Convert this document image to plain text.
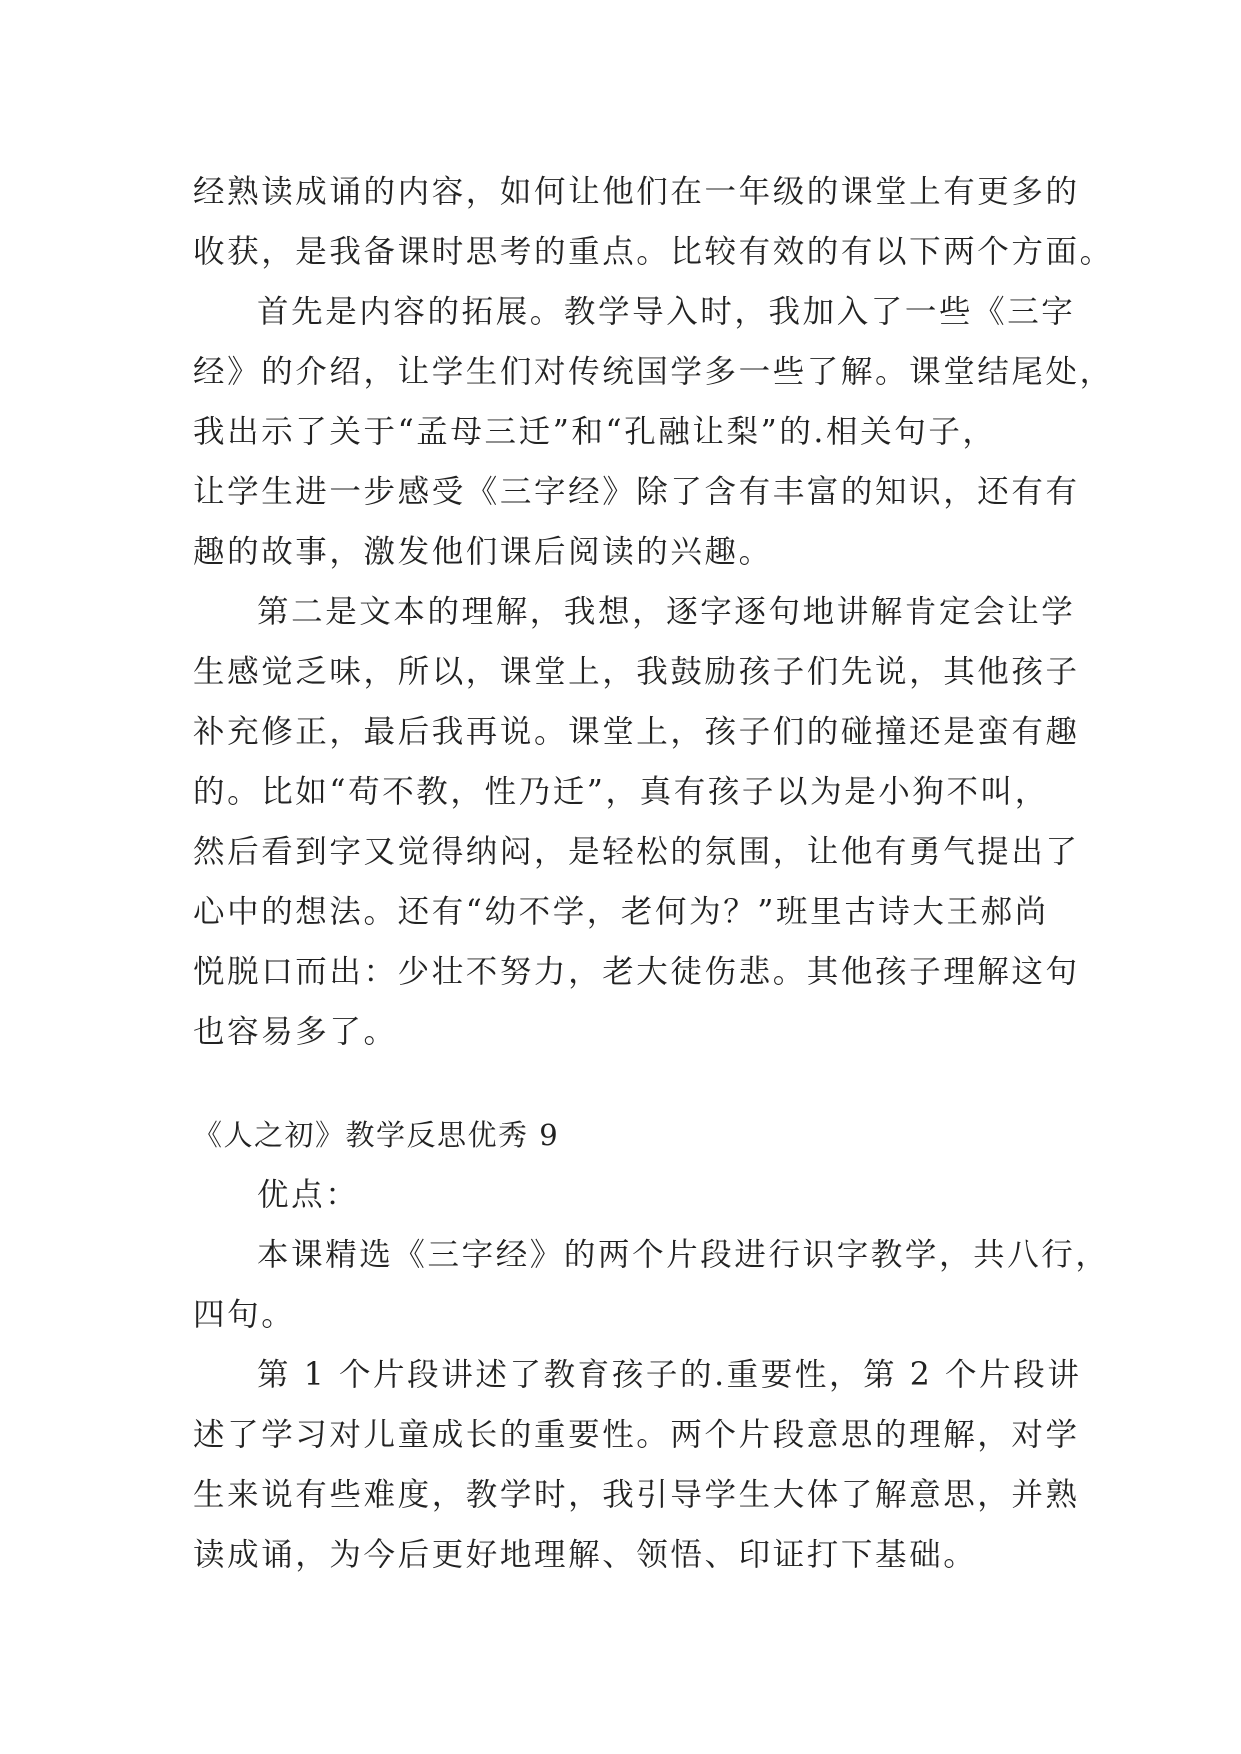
经熟读成诵的内容，如何让他们在一年级的课堂上有更多的
收获，是我备课时思考的重点。比较有效的有以下两个方面。
首先是内容的拓展。教学导入时，我加入了一些《三字
经》的介绍，让学生们对传统国学多一些了解。课堂结尾处，
我出示了关于“孟母三迁”和“孔融让梨”的.相关句子，
让学生进一步感受《三字经》除了含有丰富的知识，还有有
趣的故事，激发他们课后阅读的兴趣。
第二是文本的理解，我想，逐字逐句地讲解肯定会让学
生感觉乏味，所以，课堂上，我鼓励孩子们先说，其他孩子
补充修正，最后我再说。课堂上，孩子们的碰撞还是蛮有趣
的。比如“苟不教，性乃迁”，真有孩子以为是小狗不叫，
然后看到字又觉得纳闷，是轻松的氛围，让他有勇气提出了
心中的想法。还有“幼不学，老何为？”班里古诗大王郝尚
悦脱口而出：少壮不努力，老大徒伤悲。其他孩子理解这句
也容易多了。
《人之初》教学反思优秀 9
优点：
本课精选《三字经》的两个片段进行识字教学，共八行，
四句。
第 1 个片段讲述了教育孩子的.重要性，第 2 个片段讲
述了学习对儿童成长的重要性。两个片段意思的理解，对学
生来说有些难度，教学时，我引导学生大体了解意思，并熟
读成诵，为今后更好地理解、领悟、印证打下基础。
